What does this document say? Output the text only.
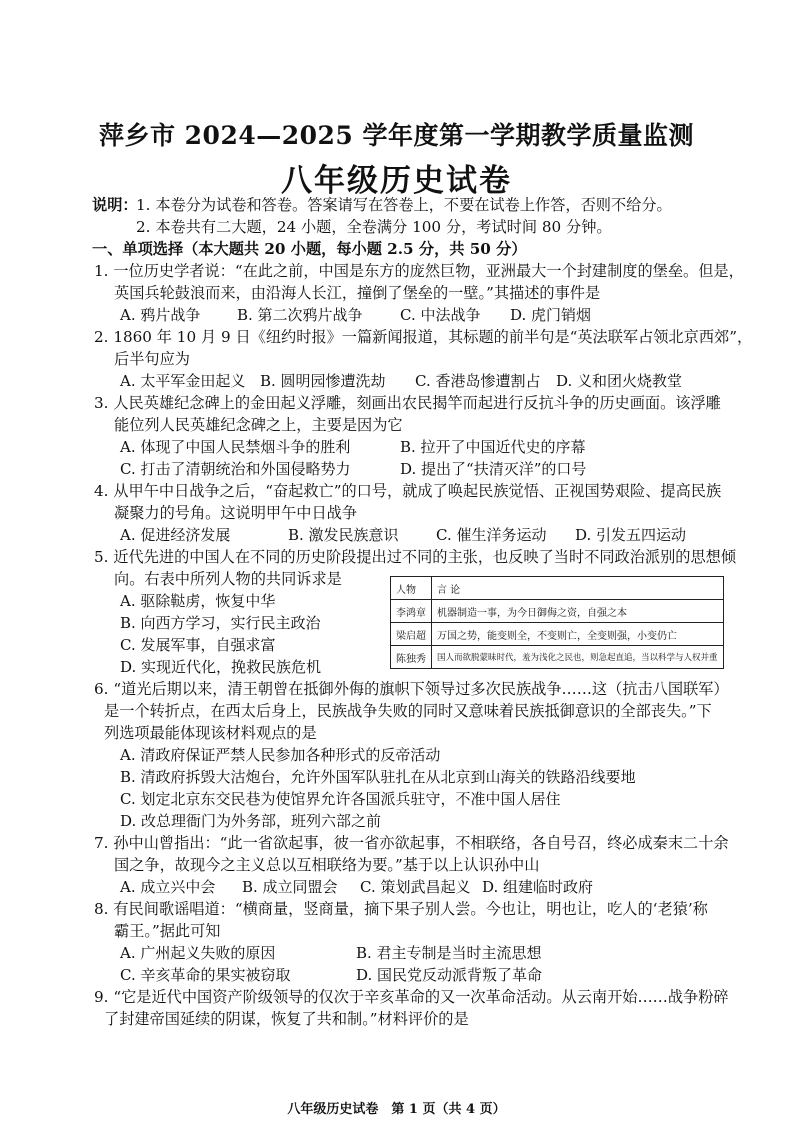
萍乡市 2024—2025 学年度第一学期教学质量监测
八年级历史试卷
说明：
1. 本卷分为试卷和答卷。答案请写在答卷上，不要在试卷上作答，否则不给分。
2. 本卷共有二大题，24 小题，全卷满分 100 分，考试时间 80 分钟。
一、单项选择（本大题共 20 小题，每小题 2.5 分，共 50 分）
1. 一位历史学者说：“在此之前，中国是东方的庞然巨物，亚洲最大一个封建制度的堡垒。但是，
英国兵轮鼓浪而来，由沿海人长江，撞倒了堡垒的一壁。”其描述的事件是
A. 鸦片战争 B. 第二次鸦片战争 C. 中法战争 D. 虎门销烟
2. 1860 年 10 月 9 日《纽约时报》一篇新闻报道，其标题的前半句是“英法联军占领北京西郊”，
后半句应为
A. 太平军金田起义 B. 圆明园惨遭洗劫 C. 香港岛惨遭割占 D. 义和团火烧教堂
3. 人民英雄纪念碑上的金田起义浮雕，刻画出农民揭竿而起进行反抗斗争的历史画面。该浮雕
能位列人民英雄纪念碑之上，主要是因为它
A. 体现了中国人民禁烟斗争的胜利	B. 拉开了中国近代史的序幕
C. 打击了清朝统治和外国侵略势力	D. 提出了“扶清灭洋”的口号
4. 从甲午中日战争之后，“奋起救亡”的口号，就成了唤起民族觉悟、正视国势艰险、提高民族
凝聚力的号角。这说明甲午中日战争
A. 促进经济发展	B. 激发民族意识 C. 催生洋务运动 D. 引发五四运动
5. 近代先进的中国人在不同的历史阶段提出过不同的主张，也反映了当时不同政治派别的思想倾
向。右表中所列人物的共同诉求是
A. 驱除鞑虏，恢复中华
B. 向西方学习，实行民主政治
C. 发展军事，自强求富
D. 实现近代化，挽救民族危机
人物	言 论
李鸿章	机器制造一事，为今日御侮之资，自强之本
梁启超	万国之势，能变则全，不变则亡，全变则强，小变仍亡
陈独秀	国人而欲脱蒙昧时代，羞为浅化之民也，则急起直追，当以科学与人权并重
6. “道光后期以来，清王朝曾在抵御外侮的旗帜下领导过多次民族战争……这（抗击八国联军）
是一个转折点，在西太后身上，民族战争失败的同时又意味着民族抵御意识的全部丧失。”下
列选项最能体现该材料观点的是
A. 清政府保证严禁人民参加各种形式的反帝活动
B. 清政府拆毁大沽炮台，允许外国军队驻扎在从北京到山海关的铁路沿线要地
C. 划定北京东交民巷为使馆界允许各国派兵驻守，不准中国人居住
D. 改总理衙门为外务部，班列六部之前
7. 孙中山曾指出：“此一省欲起事，彼一省亦欲起事，不相联络，各自号召，终必成秦末二十余
国之争，故现今之主义总以互相联络为要。”基于以上认识孙中山
A. 成立兴中会 B. 成立同盟会 C. 策划武昌起义 D. 组建临时政府
8. 有民间歌谣唱道：“横商量，竖商量，摘下果子别人尝。今也让，明也让，吃人的‘老猿’称
霸王。”据此可知
A. 广州起义失败的原因	B. 君主专制是当时主流思想
C. 辛亥革命的果实被窃取	D. 国民党反动派背叛了革命
9. “它是近代中国资产阶级领导的仅次于辛亥革命的又一次革命活动。从云南开始……战争粉碎
了封建帝国延续的阴谋，恢复了共和制。”材料评价的是
八年级历史试卷　第 1 页（共 4 页）
